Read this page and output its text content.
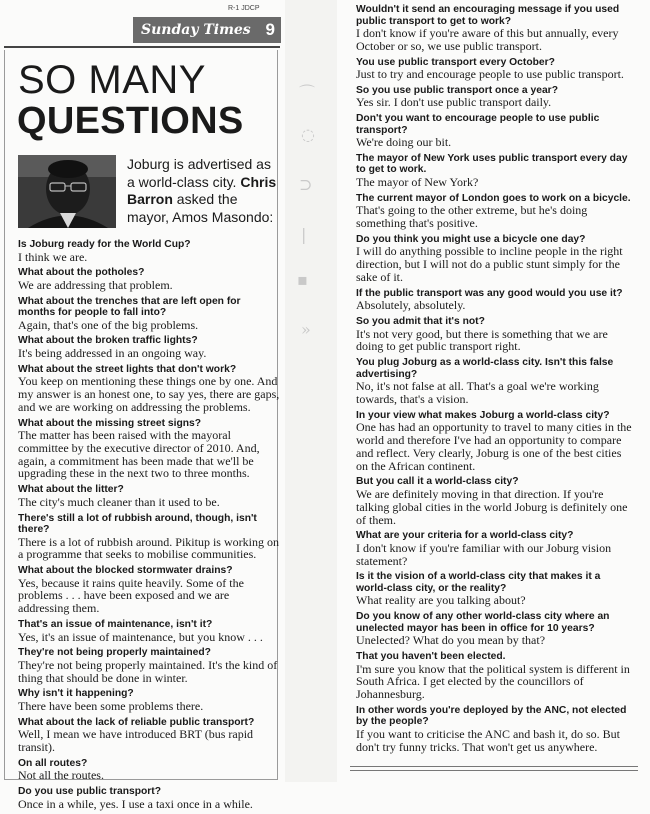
⌒
◌
⊃
|
▪
»
R-1 JDCP
Sunday Times 9
SO MANY
QUESTIONS
Joburg is advertised as a world-class city. Chris Barron asked the mayor, Amos Masondo:

Is Joburg ready for the World Cup?

I think we are.

What about the potholes?

We are addressing that problem.

What about the trenches that are left open for months for people to fall into?

Again, that's one of the big problems.

What about the broken traffic lights?

It's being addressed in an ongoing way.

What about the street lights that don't work?

You keep on mentioning these things one by one. And my answer is an honest one, to say yes, there are gaps, and we are working on addressing the problems.

What about the missing street signs?

The matter has been raised with the mayoral committee by the executive director of 2010. And, again, a commitment has been made that we'll be upgrading these in the next two to three months.

What about the litter?

The city's much cleaner than it used to be.

There's still a lot of rubbish around, though, isn't there?

There is a lot of rubbish around. Pikitup is working on a programme that seeks to mobilise communities.

What about the blocked stormwater drains?

Yes, because it rains quite heavily. Some of the problems . . . have been exposed and we are addressing them.

That's an issue of maintenance, isn't it?

Yes, it's an issue of maintenance, but you know . . .

They're not being properly maintained?

They're not being properly maintained. It's the kind of thing that should be done in winter.

Why isn't it happening?

There have been some problems there.

What about the lack of reliable public transport?

Well, I mean we have introduced BRT (bus rapid transit).

On all routes?

Not all the routes.

Do you use public transport?

Once in a while, yes. I use a taxi once in a while.

Wouldn't it send an encouraging message if you used public transport to get to work?

I don't know if you're aware of this but annually, every October or so, we use public transport.

You use public transport every October?

Just to try and encourage people to use public transport.

So you use public transport once a year?

Yes sir. I don't use public transport daily.

Don't you want to encourage people to use public transport?

We're doing our bit.

The mayor of New York uses public transport every day to get to work.

The mayor of New York?

The current mayor of London goes to work on a bicycle.

That's going to the other extreme, but he's doing something that's positive.

Do you think you might use a bicycle one day?

I will do anything possible to incline people in the right direction, but I will not do a public stunt simply for the sake of it.

If the public transport was any good would you use it?

Absolutely, absolutely.

So you admit that it's not?

It's not very good, but there is something that we are doing to get public transport right.

You plug Joburg as a world-class city. Isn't this false advertising?

No, it's not false at all. That's a goal we're working towards, that's a vision.

In your view what makes Joburg a world-class city?

One has had an opportunity to travel to many cities in the world and therefore I've had an opportunity to compare and reflect. Very clearly, Joburg is one of the best cities on the African continent.

But you call it a world-class city?

We are definitely moving in that direction. If you're talking global cities in the world Joburg is definitely one of them.

What are your criteria for a world-class city?

I don't know if you're familiar with our Joburg vision statement?

Is it the vision of a world-class city that makes it a world-class city, or the reality?

What reality are you talking about?

Do you know of any other world-class city where an unelected mayor has been in office for 10 years?

Unelected? What do you mean by that?

That you haven't been elected.

I'm sure you know that the political system is different in South Africa. I get elected by the councillors of Johannesburg.

In other words you're deployed by the ANC, not elected by the people?

If you want to criticise the ANC and bash it, do so. But don't try funny tricks. That won't get us anywhere.
